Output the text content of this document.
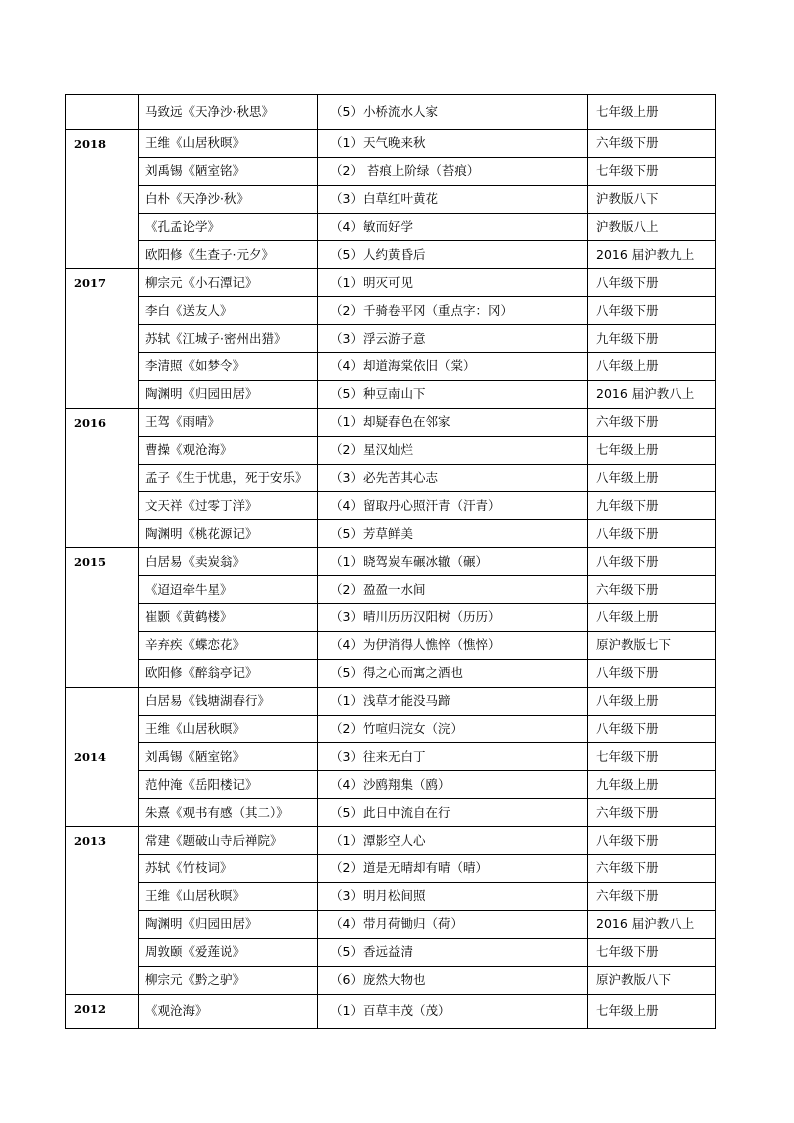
	马致远《天净沙·秋思》	（5）小桥流水人家	七年级上册
2018	王维《山居秋暝》	（1）天气晚来秋	六年级下册
	刘禹锡《陋室铭》	（2） 苔痕上阶绿（苔痕）	七年级下册
	白朴《天净沙·秋》	（3）白草红叶黄花	沪教版八下
	《孔孟论学》	（4）敏而好学	沪教版八上
	欧阳修《生查子·元夕》	（5）人约黄昏后	2016 届沪教九上
2017	柳宗元《小石潭记》	（1）明灭可见	八年级下册
	李白《送友人》	（2）千骑卷平冈（重点字：冈）	八年级下册
	苏轼《江城子·密州出猎》	（3）浮云游子意	九年级下册
	李清照《如梦令》	（4）却道海棠依旧（棠）	八年级上册
	陶渊明《归园田居》	（5）种豆南山下	2016 届沪教八上
2016	王驾《雨晴》	（1）却疑春色在邻家	六年级下册
	曹操《观沧海》	（2）星汉灿烂	七年级上册
	孟子《生于忧患，死于安乐》	（3）必先苦其心志	八年级上册
	文天祥《过零丁洋》	（4）留取丹心照汗青（汗青）	九年级下册
	陶渊明《桃花源记》	（5）芳草鲜美	八年级下册
2015	白居易《卖炭翁》	（1）晓驾炭车碾冰辙（碾）	八年级下册
	《迢迢牵牛星》	（2）盈盈一水间	六年级下册
	崔颢《黄鹤楼》	（3）晴川历历汉阳树（历历）	八年级上册
	辛弃疾《蝶恋花》	（4）为伊消得人憔悴（憔悴）	原沪教版七下
	欧阳修《醉翁亭记》	（5）得之心而寓之酒也	八年级下册
2014	白居易《钱塘湖春行》	（1）浅草才能没马蹄	八年级上册
	王维《山居秋暝》	（2）竹喧归浣女（浣）	八年级下册
	刘禹锡《陋室铭》	（3）往来无白丁	七年级下册
	范仲淹《岳阳楼记》	（4）沙鸥翔集（鸥）	九年级上册
	朱熹《观书有感（其二）》	（5）此日中流自在行	六年级下册
2013	常建《题破山寺后禅院》	（1）潭影空人心	八年级下册
	苏轼《竹枝词》	（2）道是无晴却有晴（晴）	六年级下册
	王维《山居秋暝》	（3）明月松间照	六年级下册
	陶渊明《归园田居》	（4）带月荷锄归（荷）	2016 届沪教八上
	周敦颐《爱莲说》	（5）香远益清	七年级下册
	柳宗元《黔之驴》	（6）庞然大物也	原沪教版八下
2012	《观沧海》	（1）百草丰茂（茂）	七年级上册
